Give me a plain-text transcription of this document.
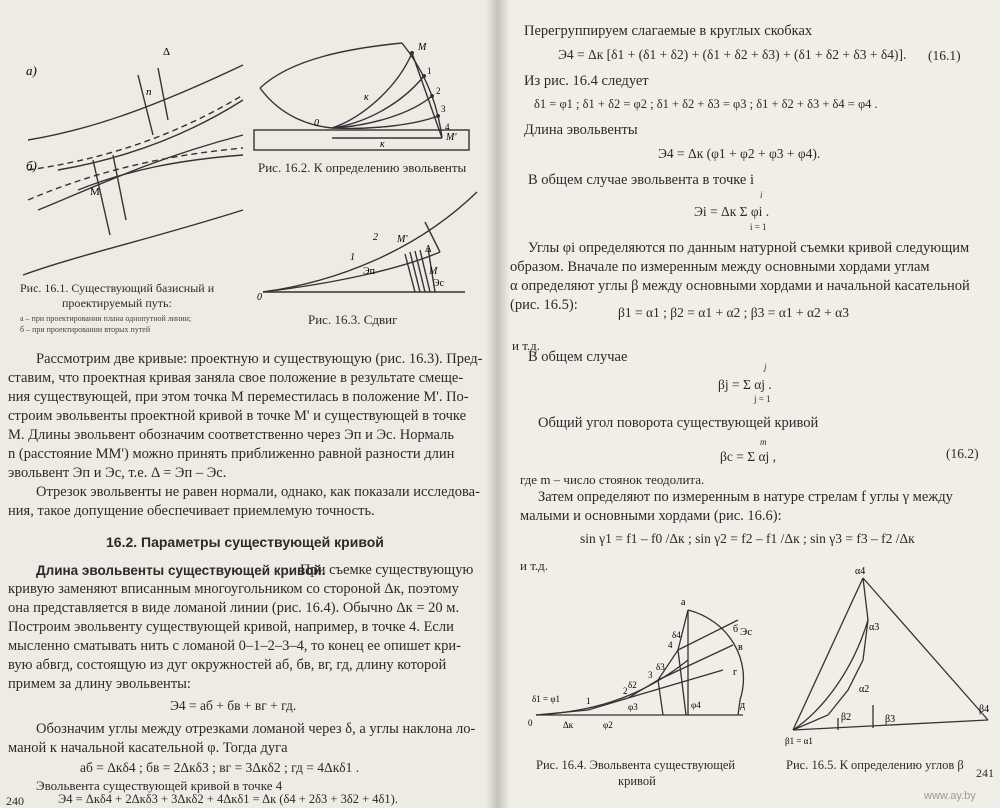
а)
б)
Δ
M
n
Рис. 16.1. Существующий базисный и
проектируемый путь:
а – при проектировании плана однопутной линии;
б – при проектировании вторых путей
M
1
2
3
4
M'
0
к
к
Рис. 16.2. К определению эвольвенты
M'
2
1
Δ
Эп	M
Эс
0
Рис. 16.3. Сдвиг
Рассмотрим две кривые: проектную и существующую (рис. 16.3). Пред-
ставим, что проектная кривая заняла свое положение в результате смеще-
ния существующей, при этом точка M переместилась в положение M'. По-
строим эвольвенты проектной кривой в точке M' и существующей в точке
M. Длины эвольвент обозначим соответственно через Эп и Эс. Нормаль
n (расстояние MM') можно принять приближенно равной разности длин
эвольвент Эп и Эс, т.е. Δ = Эп – Эс.
Отрезок эвольвенты не равен нормали, однако, как показали исследова-
ния, такое допущение обеспечивает приемлемую точность.
16.2. Параметры существующей кривой
Длина эвольвенты существующей кривой.
При съемке существующую
кривую заменяют вписанным многоугольником со стороной Δк, поэтому
она представляется в виде ломаной линии (рис. 16.4). Обычно Δк = 20 м.
Построим эвольвенту существующей кривой, например, в точке 4. Если
мысленно сматывать нить с ломаной 0–1–2–3–4, то конец ее опишет кри-
вую абвгд, состоящую из дуг окружностей аб, бв, вг, гд, длину которой
примем за длину эвольвенты:
Э4 = аб + бв + вг + гд.
Обозначим углы между отрезками ломаной через δ, а углы наклона ло-
маной к начальной касательной φ. Тогда дуга
аб = Δкδ4 ; бв = 2Δкδ3 ; вг = 3Δкδ2 ; гд = 4Δкδ1 .
Эвольвента существующей кривой в точке 4
Э4 = Δкδ4 + 2Δкδ3 + 3Δкδ2 + 4Δкδ1 = Δк (δ4 + 2δ3 + 3δ2 + 4δ1).
240
Перегруппируем слагаемые в круглых скобках
Э4 = Δк [δ1 + (δ1 + δ2) + (δ1 + δ2 + δ3) + (δ1 + δ2 + δ3 + δ4)]. (16.1)
Из рис. 16.4 следует
δ1 = φ1 ; δ1 + δ2 = φ2 ; δ1 + δ2 + δ3 = φ3 ; δ1 + δ2 + δ3 + δ4 = φ4 .
Длина эвольвенты
Э4 = Δк (φ1 + φ2 + φ3 + φ4).
В общем случае эвольвента в точке i
Эi = Δк Σ φi .
i
i = 1
Углы φi определяются по данным натурной съемки кривой следующим
образом. Вначале по измеренным между основными хордами углам
α определяют углы β между основными хордами и начальной касательной
(рис. 16.5):	β1 = α1 ; β2 = α1 + α2 ; β3 = α1 + α2 + α3
и т.д.
В общем случае
βj = Σ αj .
j
j = 1
Общий угол поворота существующей кривой
βc = Σ αj ,
m
(16.2)
где m – число стоянок теодолита.
Затем определяют по измеренным в натуре стрелам f углы γ между
малыми и основными хордами (рис. 16.6):
sin γ1 = f1 – f0 /Δк ; sin γ2 = f2 – f1 /Δк ; sin γ3 = f3 – f2 /Δк
и т.д.
a
б
в
г
д
Эс
δ4
δ3
δ2
φ4
δ1 = φ1
Δк
0
1
2
3
4
φ2
φ3
Рис. 16.4. Эвольвента существующей
кривой
α4
α3
α2
β3
β2
β4
β1 = α1
Рис. 16.5. К определению углов β
241
www.ay.by
